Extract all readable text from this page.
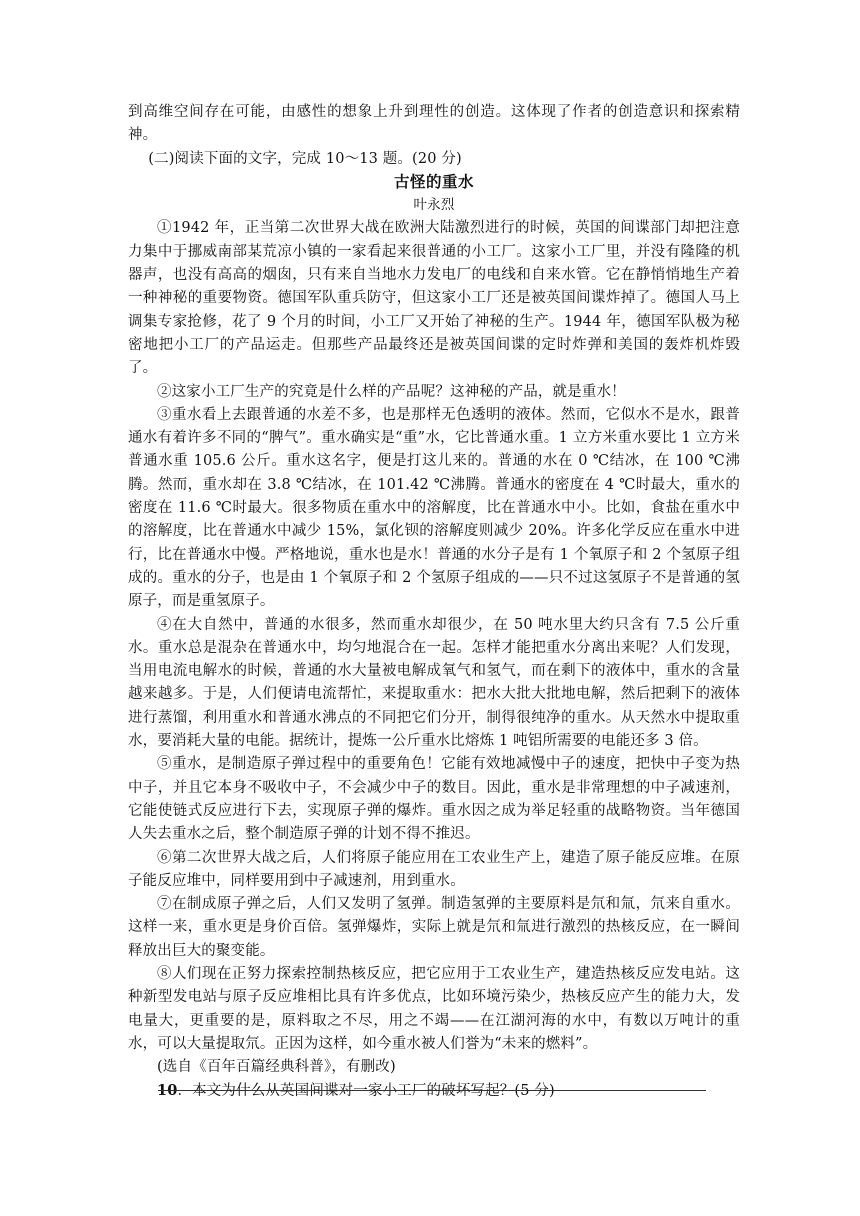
到高维空间存在可能，由感性的想象上升到理性的创造。这体现了作者的创造意识和探索精神。

(二)阅读下面的文字，完成 10～13 题。(20 分)

古怪的重水

叶永烈

①1942 年，正当第二次世界大战在欧洲大陆激烈进行的时候，英国的间谍部门却把注意力集中于挪威南部某荒凉小镇的一家看起来很普通的小工厂。这家小工厂里，并没有隆隆的机器声，也没有高高的烟囱，只有来自当地水力发电厂的电线和自来水管。它在静悄悄地生产着一种神秘的重要物资。德国军队重兵防守，但这家小工厂还是被英国间谍炸掉了。德国人马上调集专家抢修，花了 9 个月的时间，小工厂又开始了神秘的生产。1944 年，德国军队极为秘密地把小工厂的产品运走。但那些产品最终还是被英国间谍的定时炸弹和美国的轰炸机炸毁了。

②这家小工厂生产的究竟是什么样的产品呢？这神秘的产品，就是重水！

③重水看上去跟普通的水差不多，也是那样无色透明的液体。然而，它似水不是水，跟普通水有着许多不同的“脾气”。重水确实是“重”水，它比普通水重。1 立方米重水要比 1 立方米普通水重 105.6 公斤。重水这名字，便是打这儿来的。普通的水在 0 ℃结冰，在 100 ℃沸腾。然而，重水却在 3.8 ℃结冰，在 101.42 ℃沸腾。普通水的密度在 4 ℃时最大，重水的密度在 11.6 ℃时最大。很多物质在重水中的溶解度，比在普通水中小。比如，食盐在重水中的溶解度，比在普通水中减少 15%，氯化钡的溶解度则减少 20%。许多化学反应在重水中进行，比在普通水中慢。严格地说，重水也是水！普通的水分子是有 1 个氧原子和 2 个氢原子组成的。重水的分子，也是由 1 个氧原子和 2 个氢原子组成的——只不过这氢原子不是普通的氢原子，而是重氢原子。

④在大自然中，普通的水很多，然而重水却很少，在 50 吨水里大约只含有 7.5 公斤重水。重水总是混杂在普通水中，均匀地混合在一起。怎样才能把重水分离出来呢？人们发现，当用电流电解水的时候，普通的水大量被电解成氧气和氢气，而在剩下的液体中，重水的含量越来越多。于是，人们便请电流帮忙，来提取重水：把水大批大批地电解，然后把剩下的液体进行蒸馏，利用重水和普通水沸点的不同把它们分开，制得很纯净的重水。从天然水中提取重水，要消耗大量的电能。据统计，提炼一公斤重水比熔炼 1 吨铝所需要的电能还多 3 倍。

⑤重水，是制造原子弹过程中的重要角色！它能有效地减慢中子的速度，把快中子变为热中子，并且它本身不吸收中子，不会减少中子的数目。因此，重水是非常理想的中子减速剂，它能使链式反应进行下去，实现原子弹的爆炸。重水因之成为举足轻重的战略物资。当年德国人失去重水之后，整个制造原子弹的计划不得不推迟。

⑥第二次世界大战之后，人们将原子能应用在工农业生产上，建造了原子能反应堆。在原子能反应堆中，同样要用到中子减速剂，用到重水。

⑦在制成原子弹之后，人们又发明了氢弹。制造氢弹的主要原料是氘和氚，氘来自重水。这样一来，重水更是身价百倍。氢弹爆炸，实际上就是氘和氚进行激烈的热核反应，在一瞬间释放出巨大的聚变能。

⑧人们现在正努力探索控制热核反应，把它应用于工农业生产，建造热核反应发电站。这种新型发电站与原子反应堆相比具有许多优点，比如环境污染少，热核反应产生的能力大，发电量大，更重要的是，原料取之不尽，用之不竭——在江湖河海的水中，有数以万吨计的重水，可以大量提取氘。正因为这样，如今重水被人们誉为“未来的燃料”。

(选自《百年百篇经典科普》，有删改)

10．本文为什么从英国间谍对一家小工厂的破坏写起？(5 分)
